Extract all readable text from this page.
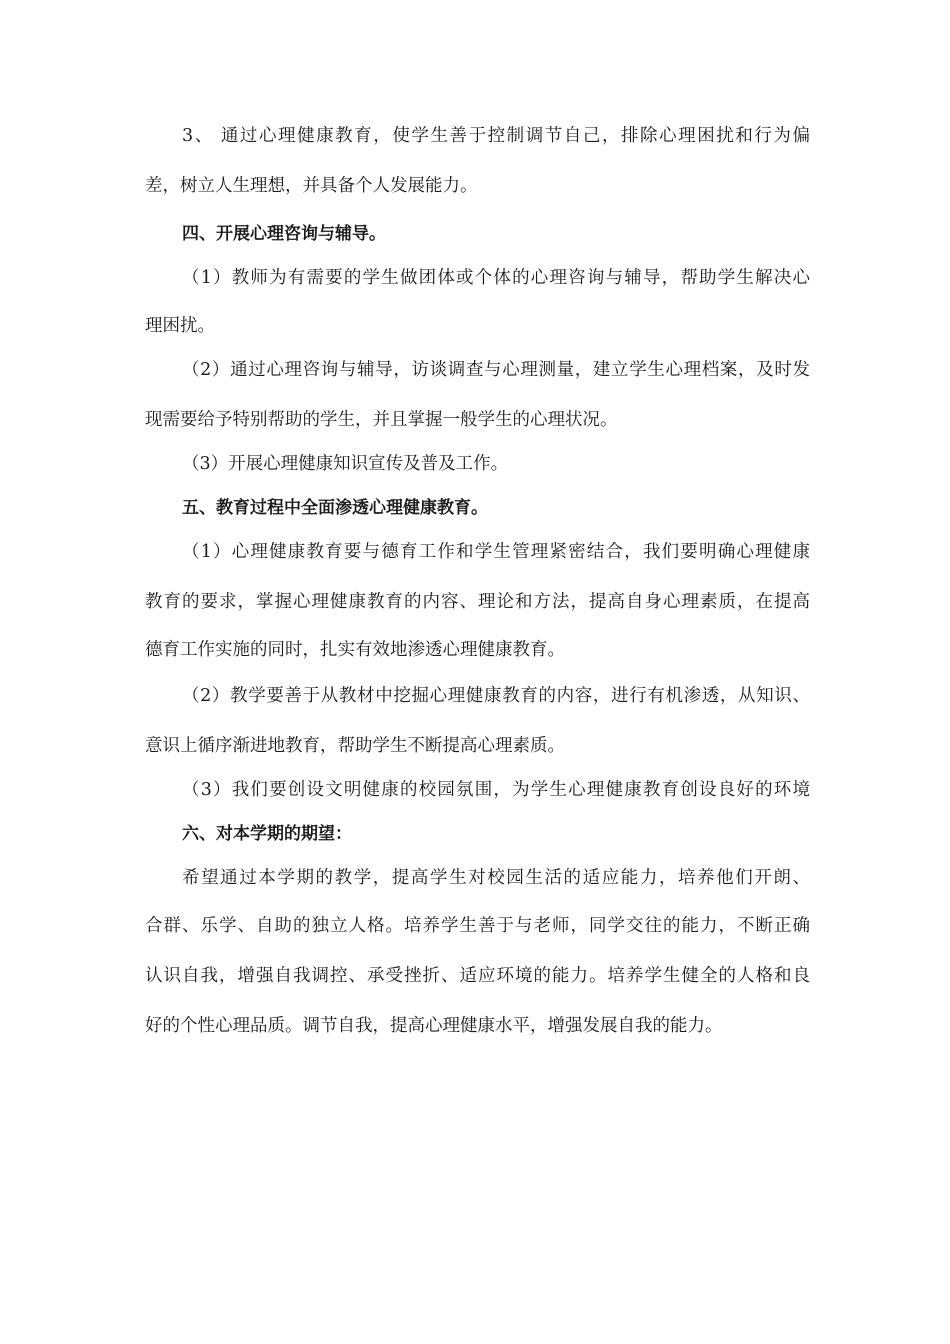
3、 通过心理健康教育，使学生善于控制调节自己，排除心理困扰和行为偏
差，树立人生理想，并具备个人发展能力。
四、开展心理咨询与辅导。
（1）教师为有需要的学生做团体或个体的心理咨询与辅导，帮助学生解决心
理困扰。
（2）通过心理咨询与辅导，访谈调查与心理测量，建立学生心理档案，及时发
现需要给予特别帮助的学生，并且掌握一般学生的心理状况。
（3）开展心理健康知识宣传及普及工作。
五、教育过程中全面渗透心理健康教育。
（1）心理健康教育要与德育工作和学生管理紧密结合，我们要明确心理健康
教育的要求，掌握心理健康教育的内容、理论和方法，提高自身心理素质，在提高
德育工作实施的同时，扎实有效地渗透心理健康教育。
（2）教学要善于从教材中挖掘心理健康教育的内容，进行有机渗透，从知识、
意识上循序渐进地教育，帮助学生不断提高心理素质。
（3）我们要创设文明健康的校园氛围，为学生心理健康教育创设良好的环境
六、对本学期的期望：
希望通过本学期的教学，提高学生对校园生活的适应能力，培养他们开朗、
合群、乐学、自助的独立人格。培养学生善于与老师，同学交往的能力，不断正确
认识自我，增强自我调控、承受挫折、适应环境的能力。培养学生健全的人格和良
好的个性心理品质。调节自我，提高心理健康水平，增强发展自我的能力。
